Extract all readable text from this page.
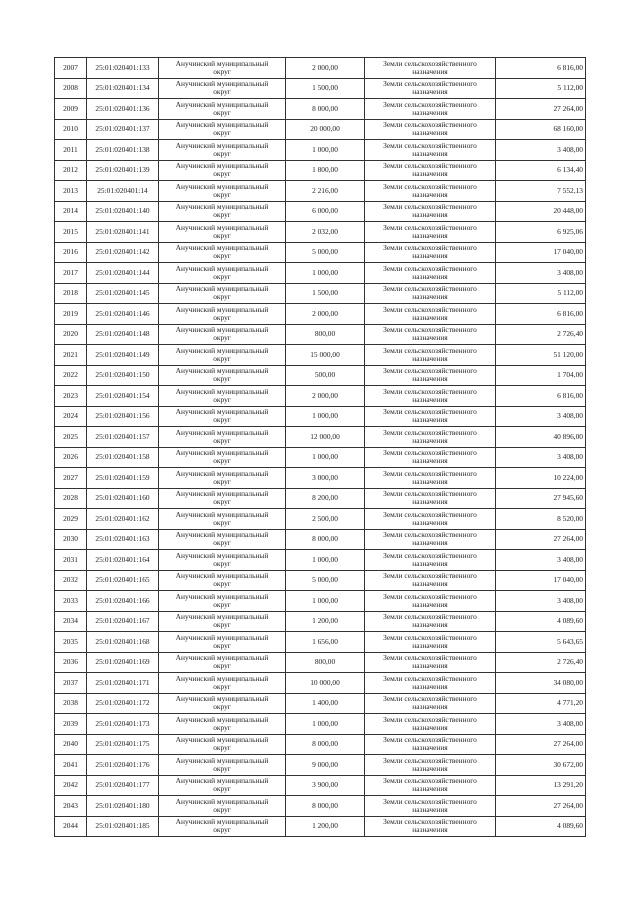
2007	25:01:020401:133	Анучинский муниципальный
округ	2 000,00	Земли сельскохозяйственного
назначения	6 816,00
2008	25:01:020401:134	Анучинский муниципальный
округ	1 500,00	Земли сельскохозяйственного
назначения	5 112,00
2009	25:01:020401:136	Анучинский муниципальный
округ	8 000,00	Земли сельскохозяйственного
назначения	27 264,00
2010	25:01:020401:137	Анучинский муниципальный
округ	20 000,00	Земли сельскохозяйственного
назначения	68 160,00
2011	25:01:020401:138	Анучинский муниципальный
округ	1 000,00	Земли сельскохозяйственного
назначения	3 408,00
2012	25:01:020401:139	Анучинский муниципальный
округ	1 800,00	Земли сельскохозяйственного
назначения	6 134,40
2013	25:01:020401:14	Анучинский муниципальный
округ	2 216,00	Земли сельскохозяйственного
назначения	7 552,13
2014	25:01:020401:140	Анучинский муниципальный
округ	6 000,00	Земли сельскохозяйственного
назначения	20 448,00
2015	25:01:020401:141	Анучинский муниципальный
округ	2 032,00	Земли сельскохозяйственного
назначения	6 925,06
2016	25:01:020401:142	Анучинский муниципальный
округ	5 000,00	Земли сельскохозяйственного
назначения	17 040,00
2017	25:01:020401:144	Анучинский муниципальный
округ	1 000,00	Земли сельскохозяйственного
назначения	3 408,00
2018	25:01:020401:145	Анучинский муниципальный
округ	1 500,00	Земли сельскохозяйственного
назначения	5 112,00
2019	25:01:020401:146	Анучинский муниципальный
округ	2 000,00	Земли сельскохозяйственного
назначения	6 816,00
2020	25:01:020401:148	Анучинский муниципальный
округ	800,00	Земли сельскохозяйственного
назначения	2 726,40
2021	25:01:020401:149	Анучинский муниципальный
округ	15 000,00	Земли сельскохозяйственного
назначения	51 120,00
2022	25:01:020401:150	Анучинский муниципальный
округ	500,00	Земли сельскохозяйственного
назначения	1 704,00
2023	25:01:020401:154	Анучинский муниципальный
округ	2 000,00	Земли сельскохозяйственного
назначения	6 816,00
2024	25:01:020401:156	Анучинский муниципальный
округ	1 000,00	Земли сельскохозяйственного
назначения	3 408,00
2025	25:01:020401:157	Анучинский муниципальный
округ	12 000,00	Земли сельскохозяйственного
назначения	40 896,00
2026	25:01:020401:158	Анучинский муниципальный
округ	1 000,00	Земли сельскохозяйственного
назначения	3 408,00
2027	25:01:020401:159	Анучинский муниципальный
округ	3 000,00	Земли сельскохозяйственного
назначения	10 224,00
2028	25:01:020401:160	Анучинский муниципальный
округ	8 200,00	Земли сельскохозяйственного
назначения	27 945,60
2029	25:01:020401:162	Анучинский муниципальный
округ	2 500,00	Земли сельскохозяйственного
назначения	8 520,00
2030	25:01:020401:163	Анучинский муниципальный
округ	8 000,00	Земли сельскохозяйственного
назначения	27 264,00
2031	25:01:020401:164	Анучинский муниципальный
округ	1 000,00	Земли сельскохозяйственного
назначения	3 408,00
2032	25:01:020401:165	Анучинский муниципальный
округ	5 000,00	Земли сельскохозяйственного
назначения	17 040,00
2033	25:01:020401:166	Анучинский муниципальный
округ	1 000,00	Земли сельскохозяйственного
назначения	3 408,00
2034	25:01:020401:167	Анучинский муниципальный
округ	1 200,00	Земли сельскохозяйственного
назначения	4 089,60
2035	25:01:020401:168	Анучинский муниципальный
округ	1 656,00	Земли сельскохозяйственного
назначения	5 643,65
2036	25:01:020401:169	Анучинский муниципальный
округ	800,00	Земли сельскохозяйственного
назначения	2 726,40
2037	25:01:020401:171	Анучинский муниципальный
округ	10 000,00	Земли сельскохозяйственного
назначения	34 080,00
2038	25:01:020401:172	Анучинский муниципальный
округ	1 400,00	Земли сельскохозяйственного
назначения	4 771,20
2039	25:01:020401:173	Анучинский муниципальный
округ	1 000,00	Земли сельскохозяйственного
назначения	3 408,00
2040	25:01:020401:175	Анучинский муниципальный
округ	8 000,00	Земли сельскохозяйственного
назначения	27 264,00
2041	25:01:020401:176	Анучинский муниципальный
округ	9 000,00	Земли сельскохозяйственного
назначения	30 672,00
2042	25:01:020401:177	Анучинский муниципальный
округ	3 900,00	Земли сельскохозяйственного
назначения	13 291,20
2043	25:01:020401:180	Анучинский муниципальный
округ	8 000,00	Земли сельскохозяйственного
назначения	27 264,00
2044	25:01:020401:185	Анучинский муниципальный
округ	1 200,00	Земли сельскохозяйственного
назначения	4 089,60
